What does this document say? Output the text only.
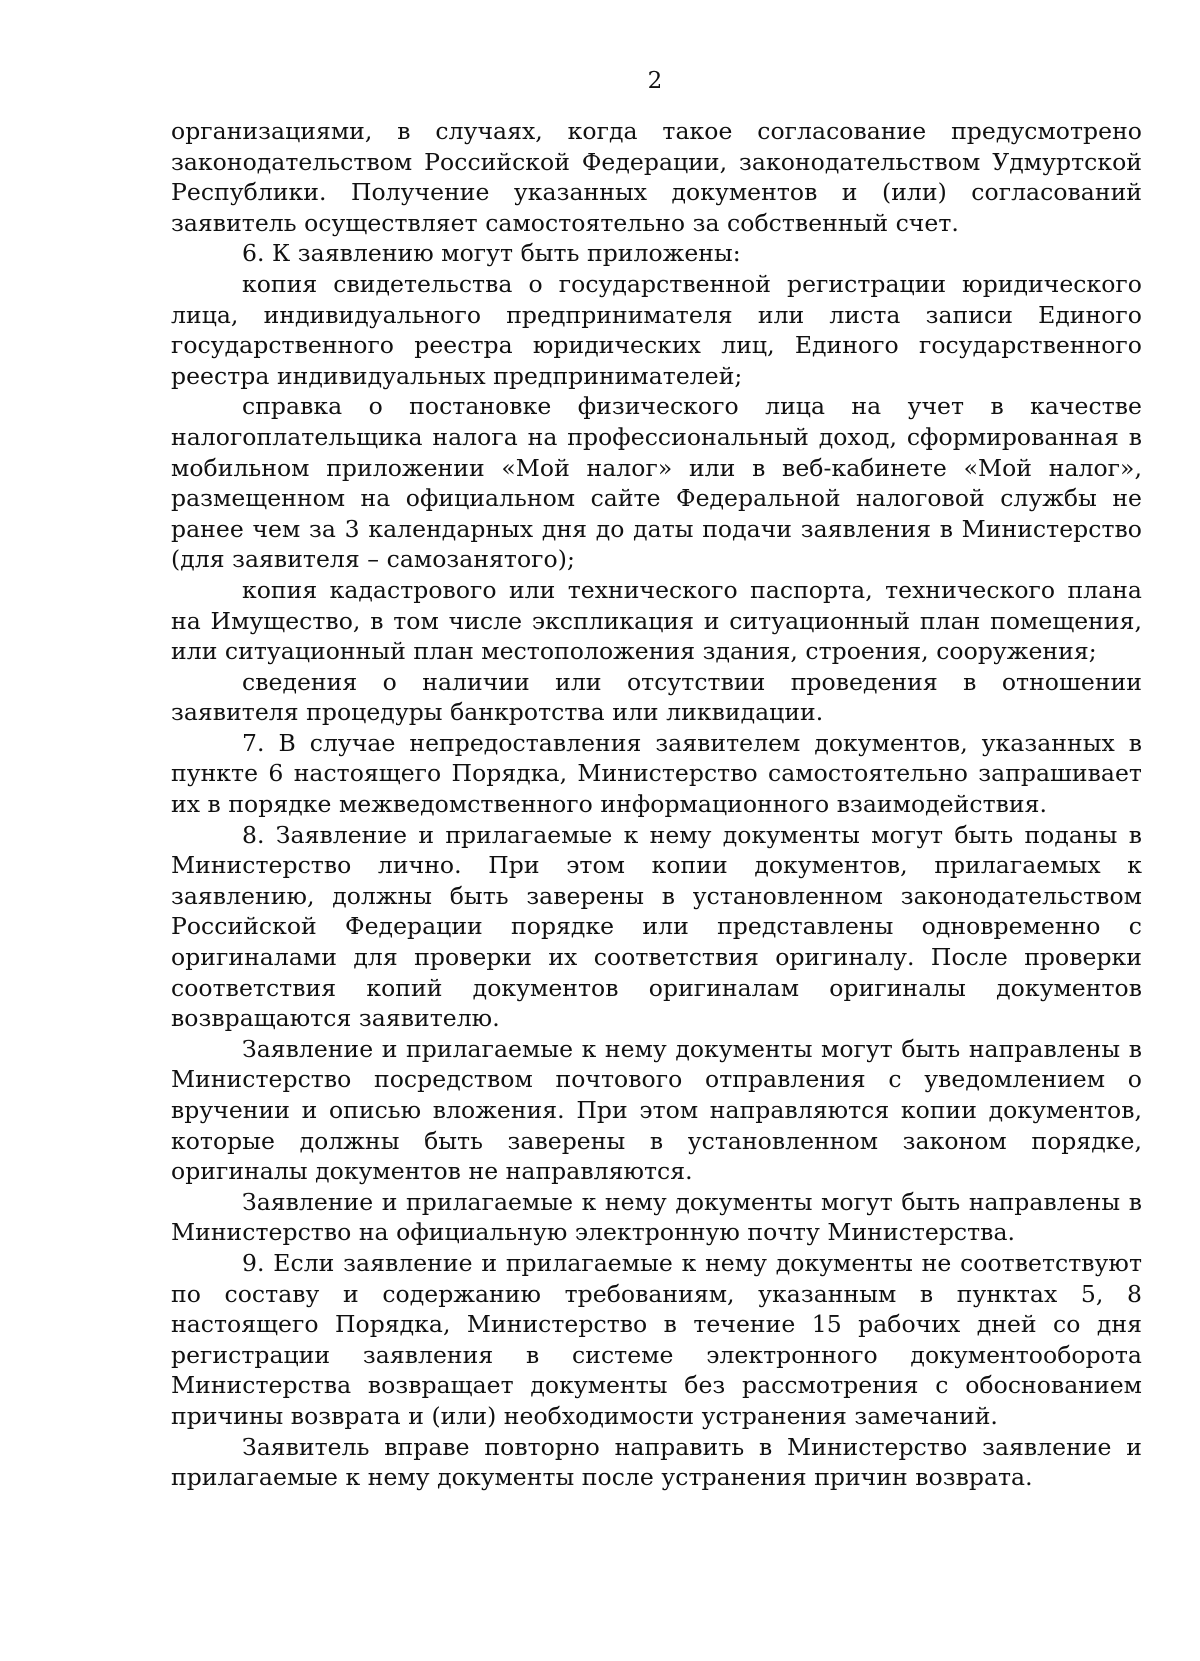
2

организациями, в случаях, когда такое согласование предусмотрено законодательством Российской Федерации, законодательством Удмуртской Республики. Получение указанных документов и (или) согласований заявитель осуществляет самостоятельно за собственный счет.

6. К заявлению могут быть приложены:

копия свидетельства о государственной регистрации юридического лица, индивидуального предпринимателя или листа записи Единого государственного реестра юридических лиц, Единого государственного реестра индивидуальных предпринимателей;

справка о постановке физического лица на учет в качестве налогоплательщика налога на профессиональный доход, сформированная в мобильном приложении «Мой налог» или в веб-кабинете «Мой налог», размещенном на официальном сайте Федеральной налоговой службы не ранее чем за 3 календарных дня до даты подачи заявления в Министерство (для заявителя – самозанятого);

копия кадастрового или технического паспорта, технического плана на Имущество, в том числе экспликация и ситуационный план помещения, или ситуационный план местоположения здания, строения, сооружения;

сведения о наличии или отсутствии проведения в отношении заявителя процедуры банкротства или ликвидации.

7. В случае непредоставления заявителем документов, указанных в пункте 6 настоящего Порядка, Министерство самостоятельно запрашивает их в порядке межведомственного информационного взаимодействия.

8. Заявление и прилагаемые к нему документы могут быть поданы в Министерство лично. При этом копии документов, прилагаемых к заявлению, должны быть заверены в установленном законодательством Российской Федерации порядке или представлены одновременно с оригиналами для проверки их соответствия оригиналу. После проверки соответствия копий документов оригиналам оригиналы документов возвращаются заявителю.

Заявление и прилагаемые к нему документы могут быть направлены в Министерство посредством почтового отправления с уведомлением о вручении и описью вложения. При этом направляются копии документов, которые должны быть заверены в установленном законом порядке, оригиналы документов не направляются.

Заявление и прилагаемые к нему документы могут быть направлены в Министерство на официальную электронную почту Министерства.

9. Если заявление и прилагаемые к нему документы не соответствуют по составу и содержанию требованиям, указанным в пунктах 5, 8 настоящего Порядка, Министерство в течение 15 рабочих дней со дня регистрации заявления в системе электронного документооборота Министерства возвращает документы без рассмотрения с обоснованием причины возврата и (или) необходимости устранения замечаний.

Заявитель вправе повторно направить в Министерство заявление и прилагаемые к нему документы после устранения причин возврата.
